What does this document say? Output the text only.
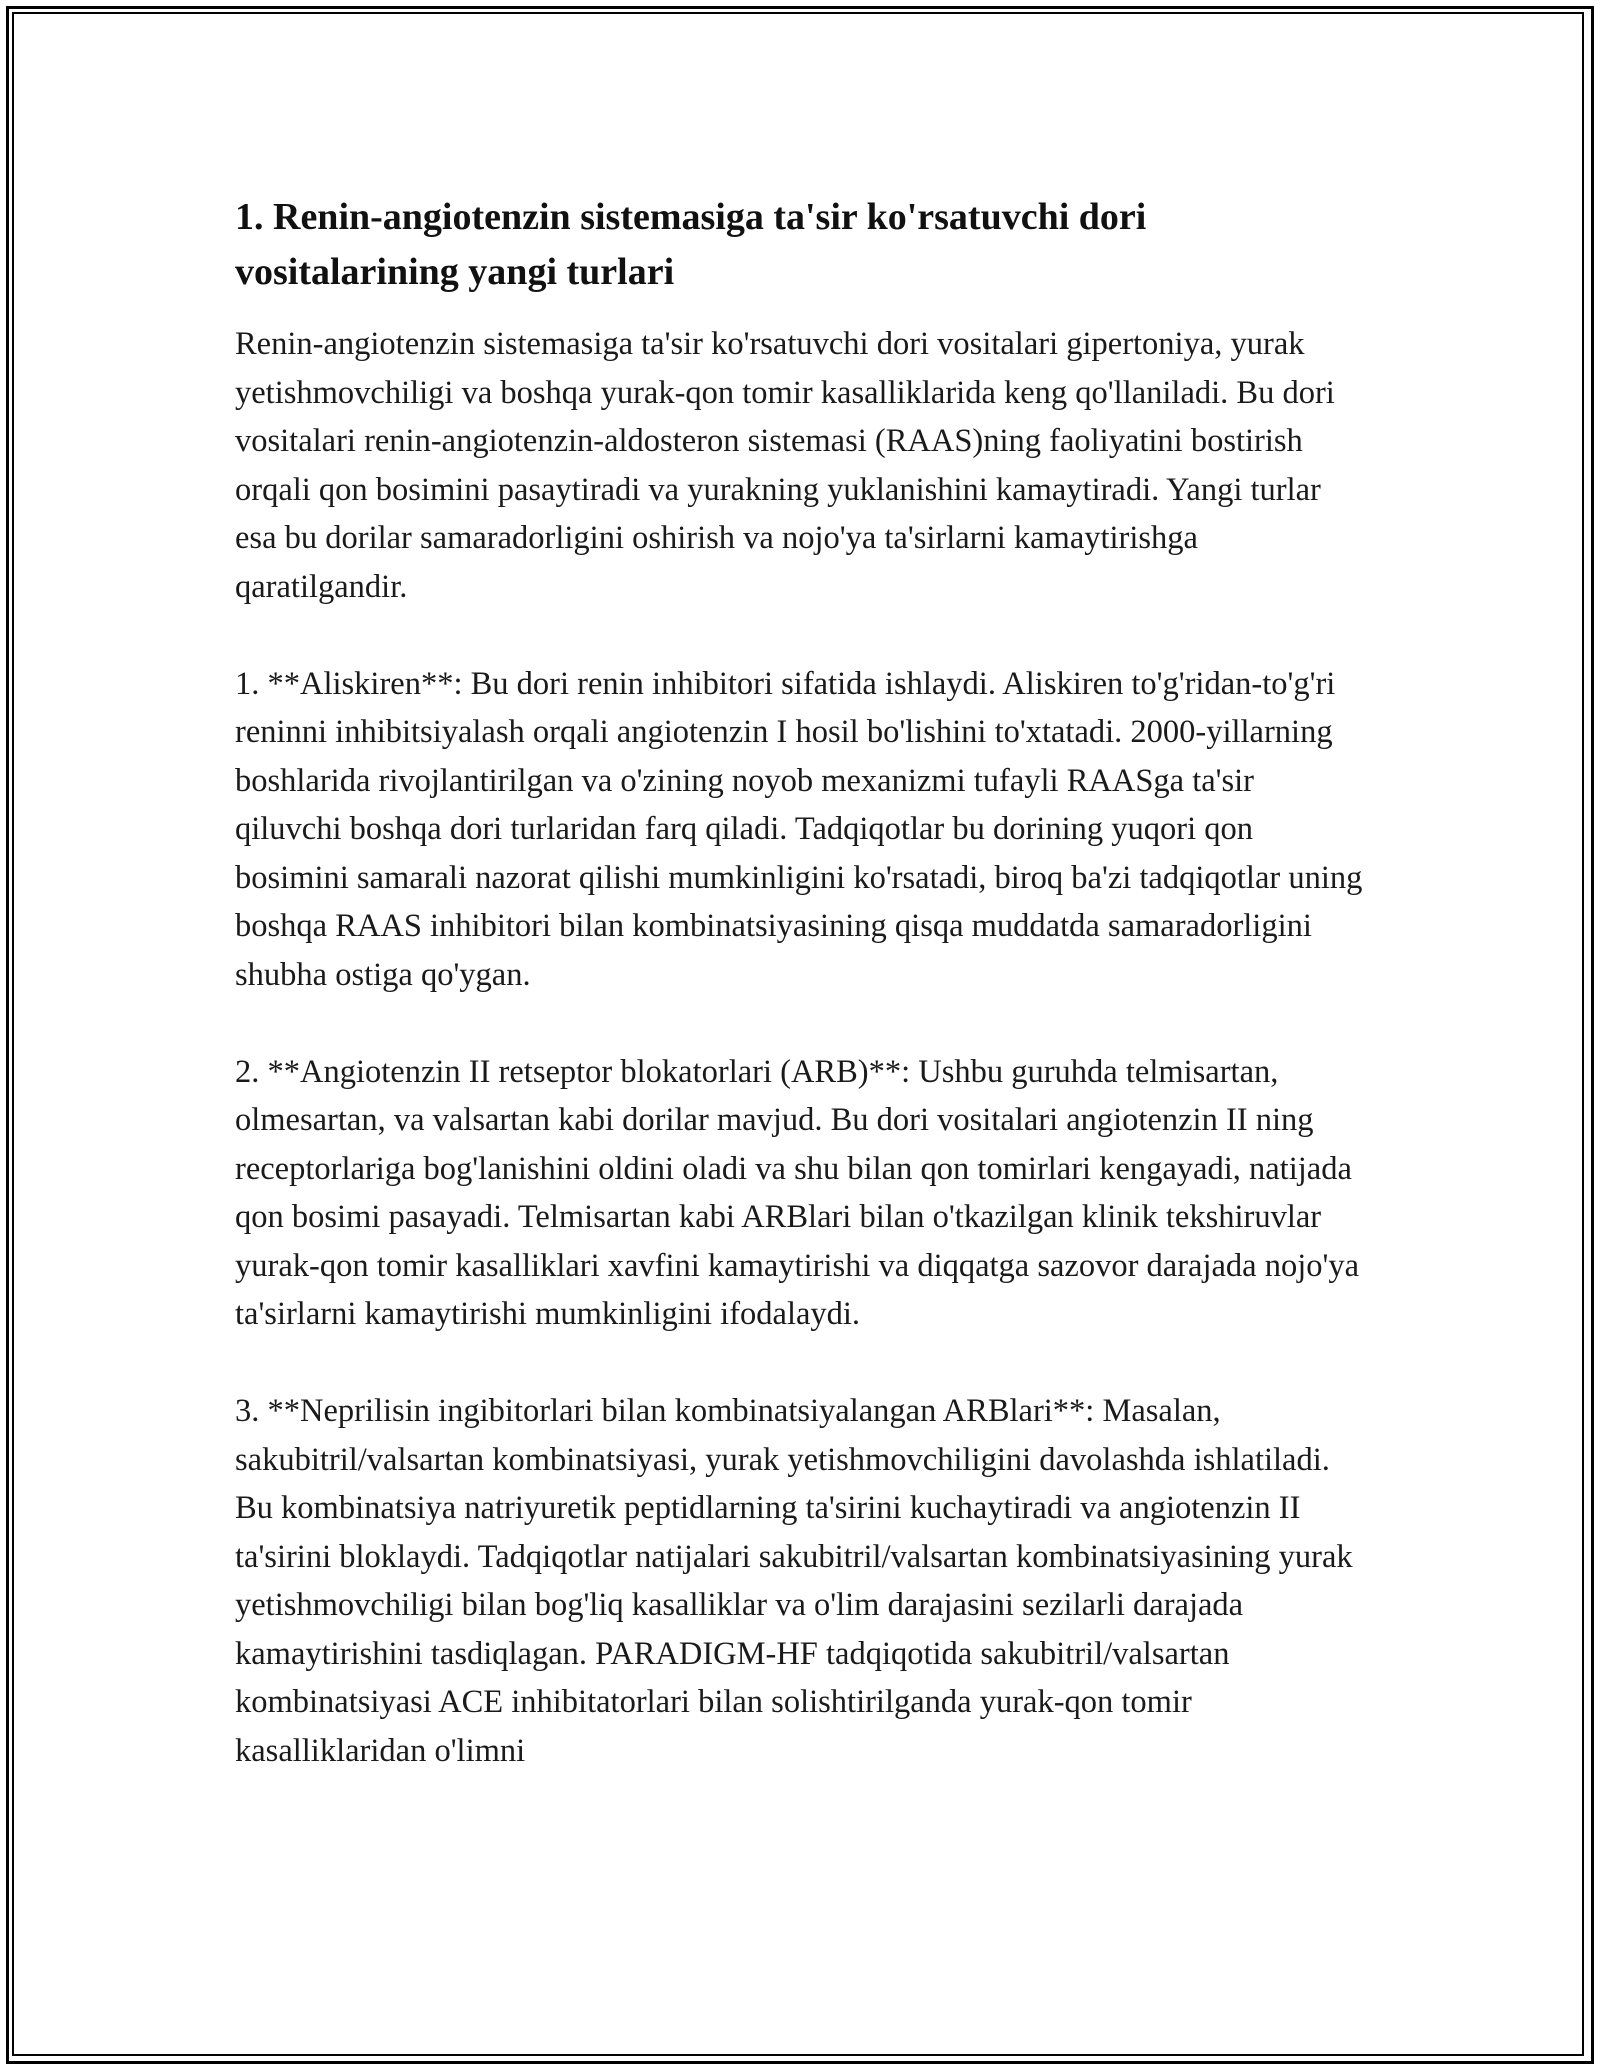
1. Renin-angiotenzin sistemasiga ta'sir ko'rsatuvchi dori vositalarining yangi turlari

Renin-angiotenzin sistemasiga ta'sir ko'rsatuvchi dori vositalari gipertoniya, yurak yetishmovchiligi va boshqa yurak-qon tomir kasalliklarida keng qo'llaniladi. Bu dori vositalari renin-angiotenzin-aldosteron sistemasi (RAAS)ning faoliyatini bostirish orqali qon bosimini pasaytiradi va yurakning yuklanishini kamaytiradi. Yangi turlar esa bu dorilar samaradorligini oshirish va nojo'ya ta'sirlarni kamaytirishga qaratilgandir.

1. **Aliskiren**: Bu dori renin inhibitori sifatida ishlaydi. Aliskiren to'g'ridan-to'g'ri reninni inhibitsiyalash orqali angiotenzin I hosil bo'lishini to'xtatadi. 2000-yillarning boshlarida rivojlantirilgan va o'zining noyob mexanizmi tufayli RAASga ta'sir qiluvchi boshqa dori turlaridan farq qiladi. Tadqiqotlar bu dorining yuqori qon bosimini samarali nazorat qilishi mumkinligini ko'rsatadi, biroq ba'zi tadqiqotlar uning boshqa RAAS inhibitori bilan kombinatsiyasining qisqa muddatda samaradorligini shubha ostiga qo'ygan.

2. **Angiotenzin II retseptor blokatorlari (ARB)**: Ushbu guruhda telmisartan, olmesartan, va valsartan kabi dorilar mavjud. Bu dori vositalari angiotenzin II ning receptorlariga bog'lanishini oldini oladi va shu bilan qon tomirlari kengayadi, natijada qon bosimi pasayadi. Telmisartan kabi ARBlari bilan o'tkazilgan klinik tekshiruvlar yurak-qon tomir kasalliklari xavfini kamaytirishi va diqqatga sazovor darajada nojo'ya ta'sirlarni kamaytirishi mumkinligini ifodalaydi.

3. **Neprilisin ingibitorlari bilan kombinatsiyalangan ARBlari**: Masalan, sakubitril/valsartan kombinatsiyasi, yurak yetishmovchiligini davolashda ishlatiladi. Bu kombinatsiya natriyuretik peptidlarning ta'sirini kuchaytiradi va angiotenzin II ta'sirini bloklaydi. Tadqiqotlar natijalari sakubitril/valsartan kombinatsiyasining yurak yetishmovchiligi bilan bog'liq kasalliklar va o'lim darajasini sezilarli darajada kamaytirishini tasdiqlagan. PARADIGM-HF tadqiqotida sakubitril/valsartan kombinatsiyasi ACE inhibitatorlari bilan solishtirilganda yurak-qon tomir kasalliklaridan o'limni
